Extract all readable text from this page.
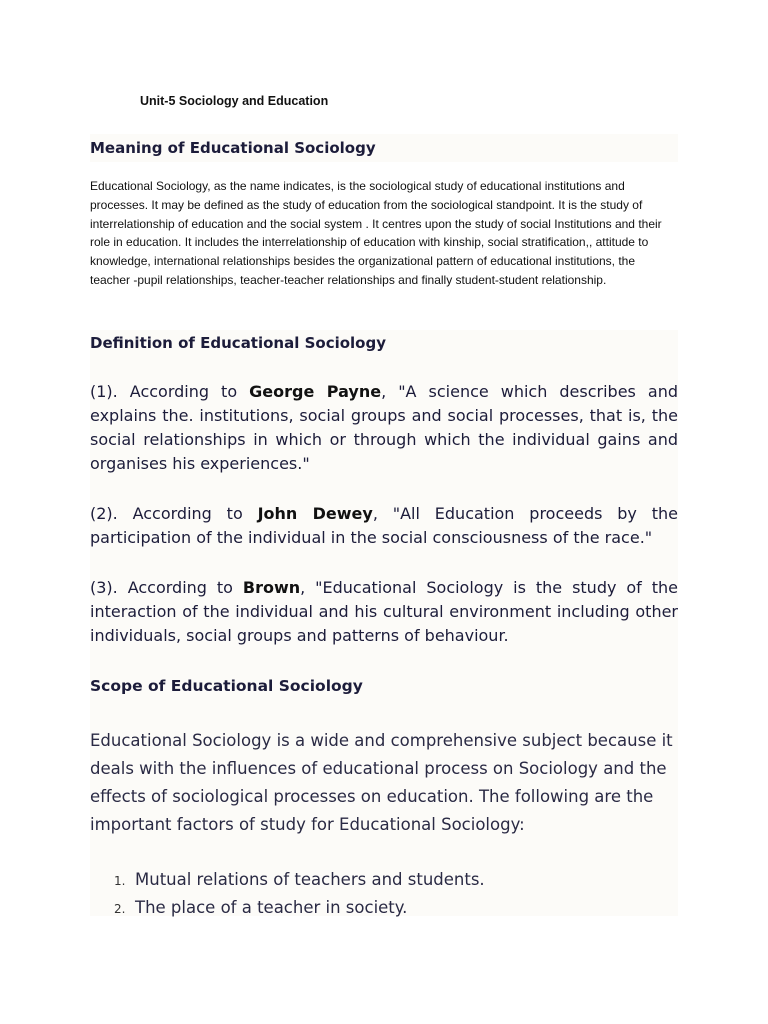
Unit-5 Sociology and Education
Meaning of Educational Sociology

Educational Sociology, as the name indicates, is the sociological study of educational institutions and processes. It may be defined as the study of education from the sociological standpoint. It is the study of interrelationship of education and the social system . It centres upon the study of social Institutions and their role in education. It includes the interrelationship of education with kinship, social stratification,, attitude to knowledge, international relationships besides the organizational pattern of educational institutions, the teacher -pupil relationships, teacher-teacher relationships and finally student-student relationship.

Definition of Educational Sociology

(1). According to George Payne, "A science which describes and explains the. institutions, social groups and social processes, that is, the social relationships in which or through which the individual gains and organises his experiences."

(2). According to John Dewey, "All Education proceeds by the participation of the individual in the social consciousness of the race."

(3). According to Brown, "Educational Sociology is the study of the interaction of the individual and his cultural environment including other individuals, social groups and patterns of behaviour.

Scope of Educational Sociology

Educational Sociology is a wide and comprehensive subject because it deals with the influences of educational process on Sociology and the effects of sociological processes on education. The following are the important factors of study for Educational Sociology:

1. Mutual relations of teachers and students.
2. The place of a teacher in society.
